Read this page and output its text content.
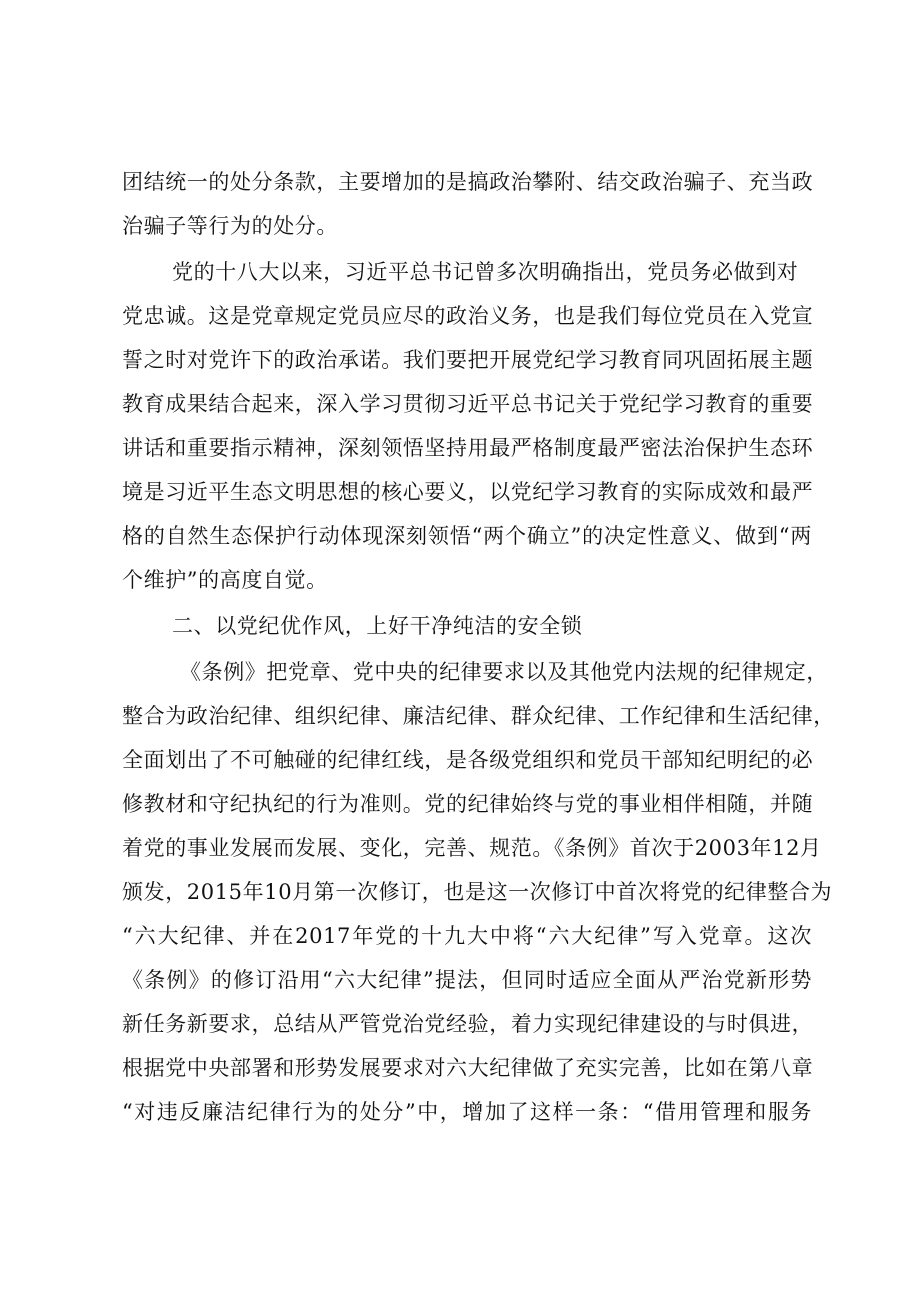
团结统一的处分条款，主要增加的是搞政治攀附、结交政治骗子、充当政
治骗子等行为的处分。
党的十八大以来，习近平总书记曾多次明确指出，党员务必做到对
党忠诚。这是党章规定党员应尽的政治义务，也是我们每位党员在入党宣
誓之时对党许下的政治承诺。我们要把开展党纪学习教育同巩固拓展主题
教育成果结合起来，深入学习贯彻习近平总书记关于党纪学习教育的重要
讲话和重要指示精神，深刻领悟坚持用最严格制度最严密法治保护生态环
境是习近平生态文明思想的核心要义，以党纪学习教育的实际成效和最严
格的自然生态保护行动体现深刻领悟“两个确立”的决定性意义、做到“两
个维护”的高度自觉。
二、以党纪优作风，上好干净纯洁的安全锁
《条例》把党章、党中央的纪律要求以及其他党内法规的纪律规定，
整合为政治纪律、组织纪律、廉洁纪律、群众纪律、工作纪律和生活纪律，
全面划出了不可触碰的纪律红线，是各级党组织和党员干部知纪明纪的必
修教材和守纪执纪的行为准则。党的纪律始终与党的事业相伴相随，并随
着党的事业发展而发展、变化，完善、规范。《条例》首次于2003年12月
颁发，2015年10月第一次修订，也是这一次修订中首次将党的纪律整合为
“六大纪律、并在2017年党的十九大中将“六大纪律”写入党章。这次
《条例》的修订沿用“六大纪律”提法，但同时适应全面从严治党新形势
新任务新要求，总结从严管党治党经验，着力实现纪律建设的与时俱进，
根据党中央部署和形势发展要求对六大纪律做了充实完善，比如在第八章
“对违反廉洁纪律行为的处分”中，增加了这样一条：“借用管理和服务
